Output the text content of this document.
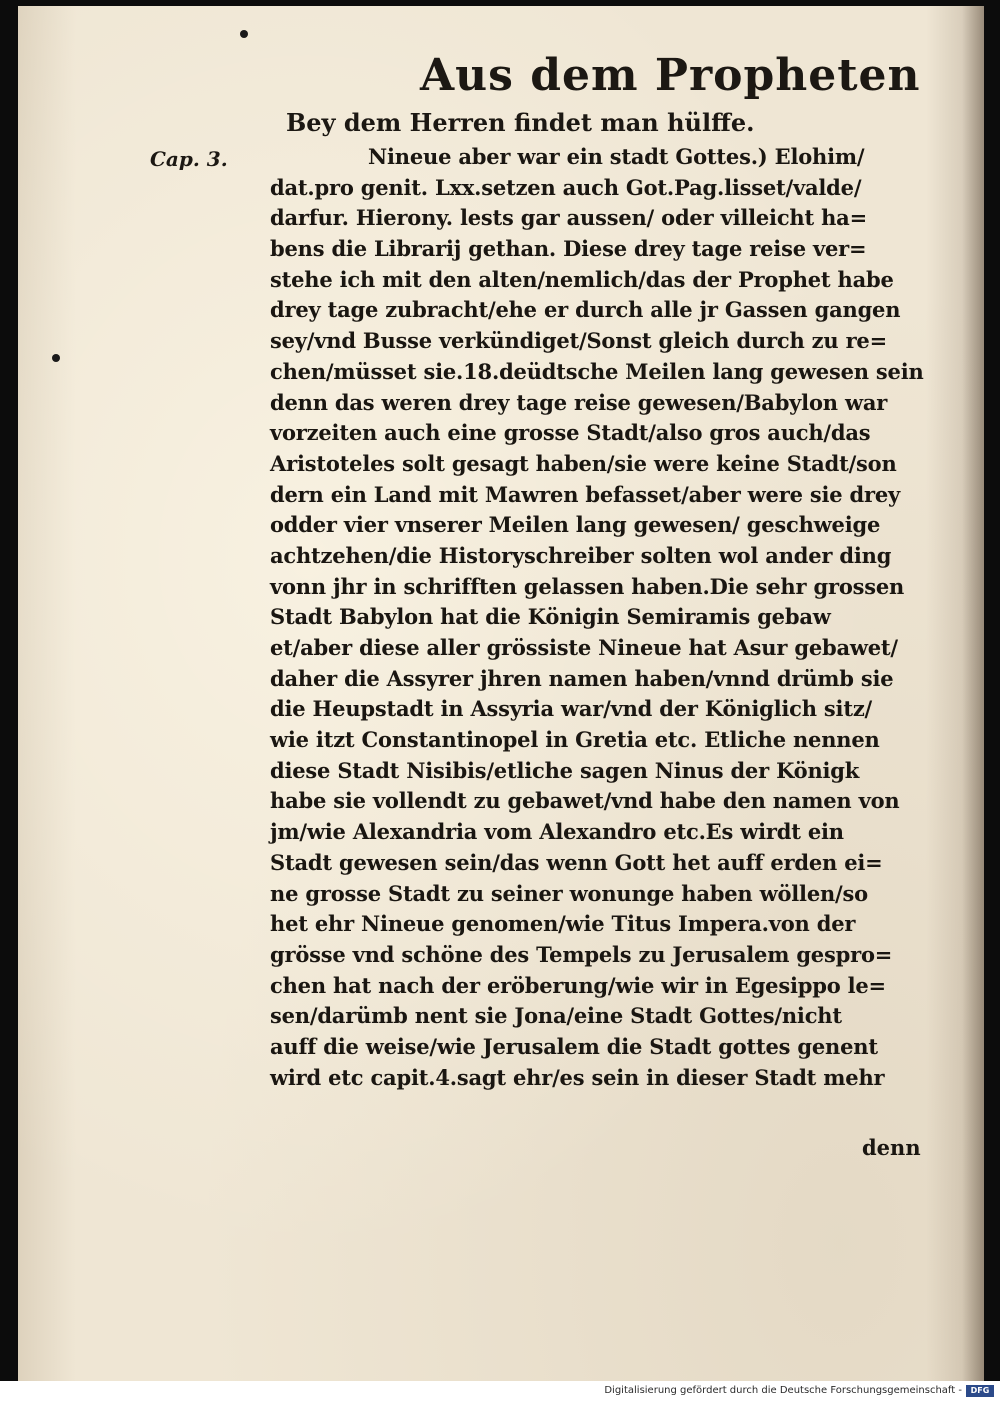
Aus dem Propheten
Bey dem Herren findet man hülffe.
Cap. 3.	Nineue aber war ein stadt Gottes.) Elohim/
dat.pro genit. Lxx.setzen auch Got.Pag.lisset/valde/
darfur. Hierony. lests gar aussen/ oder villeicht ha=
bens die Librarij gethan. Diese drey tage reise ver=
stehe ich mit den alten/nemlich/das der Prophet habe
drey tage zubracht/ehe er durch alle jr Gassen gangen
sey/vnd Busse verkündiget/Sonst gleich durch zu re=
chen/müsset sie.18.deüdtsche Meilen lang gewesen sein
denn das weren drey tage reise gewesen/Babylon war
vorzeiten auch eine grosse Stadt/also gros auch/das
Aristoteles solt gesagt haben/sie were keine Stadt/son
dern ein Land mit Mawren befasset/aber were sie drey
odder vier vnserer Meilen lang gewesen/ geschweige
achtzehen/die Historyschreiber solten wol ander ding
vonn jhr in schrifften gelassen haben.Die sehr grossen
Stadt Babylon hat die Königin Semiramis gebaw
et/aber diese aller grössiste Nineue hat Asur gebawet/
daher die Assyrer jhren namen haben/vnnd drümb sie
die Heupstadt in Assyria war/vnd der Königlich sitz/
wie itzt Constantinopel in Gretia etc. Etliche nennen
diese Stadt Nisibis/etliche sagen Ninus der Königk
habe sie vollendt zu gebawet/vnd habe den namen von
jm/wie Alexandria vom Alexandro etc.Es wirdt ein
Stadt gewesen sein/das wenn Gott het auff erden ei=
ne grosse Stadt zu seiner wonunge haben wöllen/so
het ehr Nineue genomen/wie Titus Impera.von der
grösse vnd schöne des Tempels zu Jerusalem gespro=
chen hat nach der eröberung/wie wir in Egesippo le=
sen/darümb nent sie Jona/eine Stadt Gottes/nicht
auff die weise/wie Jerusalem die Stadt gottes genent
wird etc capit.4.sagt ehr/es sein in dieser Stadt mehr
denn
Digitalisierung gefördert durch die Deutsche Forschungsgemeinschaft -	DFG
